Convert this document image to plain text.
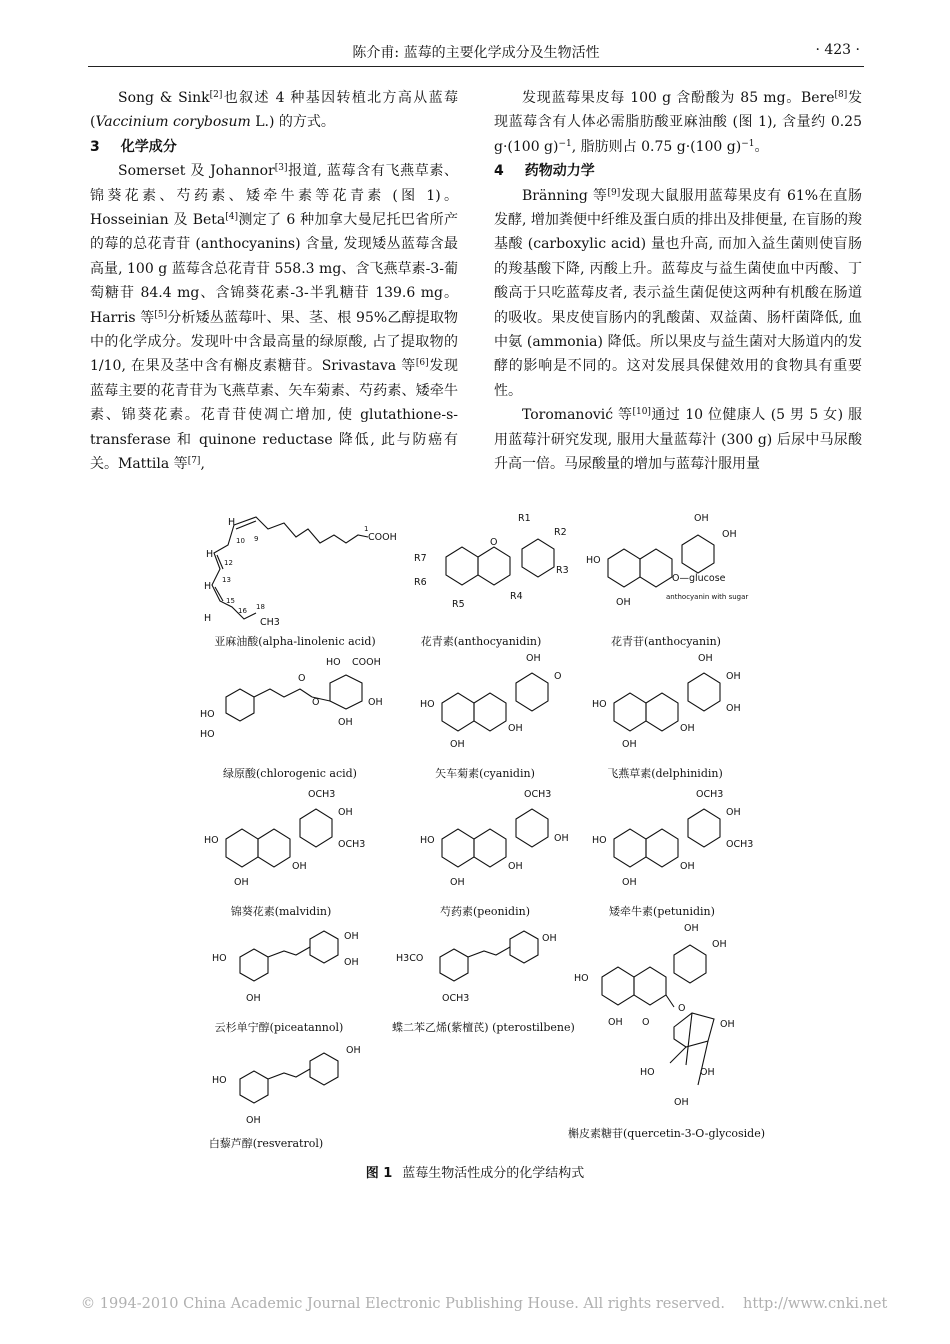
陈介甫: 蓝莓的主要化学成分及生物活性	· 423 ·

Song & Sink[2]也叙述 4 种基因转植北方高从蓝莓 (Vaccinium corybosum L.) 的方式。

3 化学成分

Somerset 及 Johannor[3]报道, 蓝莓含有飞燕草素、锦葵花素、芍药素、矮牵牛素等花青素 (图 1)。Hosseinian 及 Beta[4]测定了 6 种加拿大曼尼托巴省所产的莓的总花青苷 (anthocyanins) 含量, 发现矮丛蓝莓含最高量, 100 g 蓝莓含总花青苷 558.3 mg、含飞燕草素-3-葡萄糖苷 84.4 mg、含锦葵花素-3-半乳糖苷 139.6 mg。Harris 等[5]分析矮丛蓝莓叶、果、茎、根 95%乙醇提取物中的化学成分。发现叶中含最高量的绿原酸, 占了提取物的 1/10, 在果及茎中含有槲皮素糖苷。Srivastava 等[6]发现蓝莓主要的花青苷为飞燕草素、矢车菊素、芍药素、矮牵牛素、锦葵花素。花青苷使凋亡增加, 使 glutathione-s-transferase 和 quinone reductase 降低, 此与防癌有关。Mattila 等[7],

发现蓝莓果皮每 100 g 含酚酸为 85 mg。Bere[8]发现蓝莓含有人体必需脂肪酸亚麻油酸 (图 1), 含量约 0.25 g·(100 g)$^{-1}$, 脂肪则占 0.75 g·(100 g)$^{-1}$。

4 药物动力学

Bränning 等[9]发现大鼠服用蓝莓果皮有 61%在直肠发酵, 增加粪便中纤维及蛋白质的排出及排便量, 在盲肠的羧基酸 (carboxylic acid) 量也升高, 而加入益生菌则使盲肠的羧基酸下降, 丙酸上升。蓝莓皮与益生菌使血中丙酸、丁酸高于只吃蓝莓皮者, 表示益生菌促使这两种有机酸在肠道的吸收。果皮使盲肠内的乳酸菌、双益菌、肠杆菌降低, 血中氨 (ammonia) 降低。所以果皮与益生菌对大肠道内的发酵的影响是不同的。这对发展具保健效用的食物具有重要性。

Toromanović 等[10]通过 10 位健康人 (5 男 5 女) 服用蓝莓汁研究发现, 服用大量蓝莓汁 (300 g) 后尿中马尿酸升高一倍。马尿酸量的增加与蓝莓汁服用量

COOH
1
9
10
H
H
H
H
12
13
15
16 18
CH3
亚麻油酸(alpha-linolenic acid)
O
R7
R6
R5
R4
R1
R2
R3
花青素(anthocyanidin)
HO
OH
OH
OH
O—glucose
anthocyanin with sugar
花青苷(anthocyanin)
HO
HO
O
O
HO COOH
OH
OH
绿原酸(chlorogenic acid)
HO
OH
OH
OH
O
矢车菊素(cyanidin)
HO
OH
OH
OH
OH
OH
飞燕草素(delphinidin)
HO
OH
OH
OCH3
OH
OCH3
锦葵花素(malvidin)
HO
OH
OH
OCH3
OH
芍药素(peonidin)
HO
OH
OH
OCH3
OH
OCH3
矮牵牛素(petunidin)
HO
OH
OH
OH
云杉单宁醇(piceatannol)
H3CO
OCH3
OH
蝶二苯乙烯(紫檀芪) (pterostilbene)
HO
OH
OH
白藜芦醇(resveratrol)
HO
OH O
OH
OH
O
OH
HO	OH
OH
槲皮素糖苷(quercetin-3-O-glycoside)
图 1 蓝莓生物活性成分的化学结构式
© 1994-2010 China Academic Journal Electronic Publishing House. All rights reserved. http://www.cnki.net
